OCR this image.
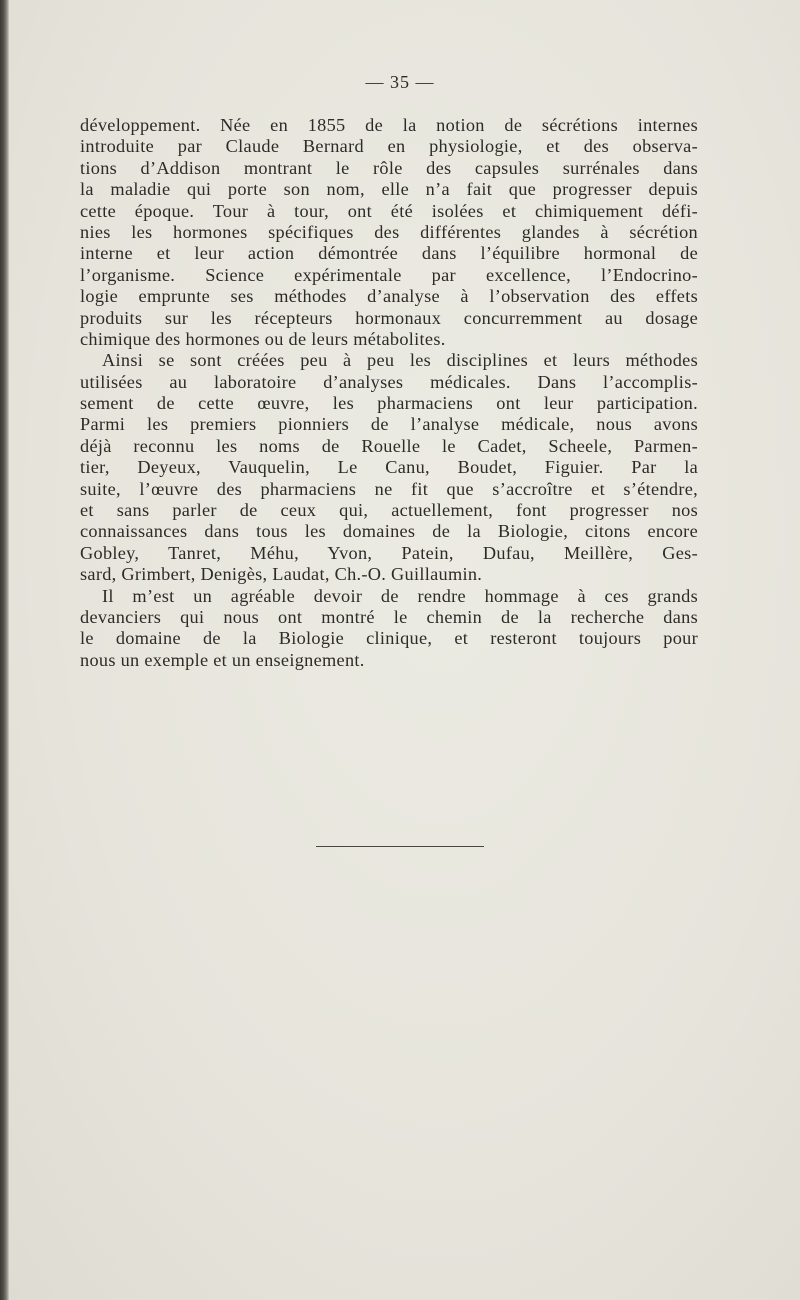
— 35 —
développement. Née en 1855 de la notion de sécrétions internes
introduite par Claude Bernard en physiologie, et des observa-
tions d’Addison montrant le rôle des capsules surrénales dans
la maladie qui porte son nom, elle n’a fait que progresser depuis
cette époque. Tour à tour, ont été isolées et chimiquement défi-
nies les hormones spécifiques des différentes glandes à sécrétion
interne et leur action démontrée dans l’équilibre hormonal de
l’organisme. Science expérimentale par excellence, l’Endocrino-
logie emprunte ses méthodes d’analyse à l’observation des effets
produits sur les récepteurs hormonaux concurremment au dosage
chimique des hormones ou de leurs métabolites.
Ainsi se sont créées peu à peu les disciplines et leurs méthodes
utilisées au laboratoire d’analyses médicales. Dans l’accomplis-
sement de cette œuvre, les pharmaciens ont leur participation.
Parmi les premiers pionniers de l’analyse médicale, nous avons
déjà reconnu les noms de Rouelle le Cadet, Scheele, Parmen-
tier, Deyeux, Vauquelin, Le Canu, Boudet, Figuier. Par la
suite, l’œuvre des pharmaciens ne fit que s’accroître et s’étendre,
et sans parler de ceux qui, actuellement, font progresser nos
connaissances dans tous les domaines de la Biologie, citons encore
Gobley, Tanret, Méhu, Yvon, Patein, Dufau, Meillère, Ges-
sard, Grimbert, Denigès, Laudat, Ch.-O. Guillaumin.
Il m’est un agréable devoir de rendre hommage à ces grands
devanciers qui nous ont montré le chemin de la recherche dans
le domaine de la Biologie clinique, et resteront toujours pour
nous un exemple et un enseignement.
